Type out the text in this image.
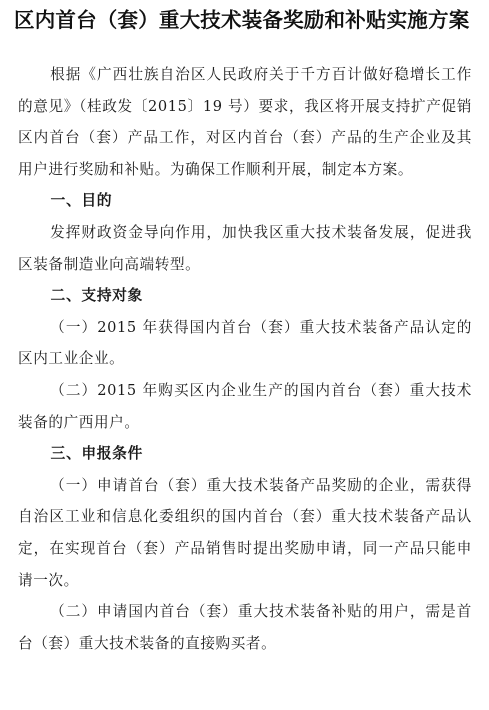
区内首台（套）重大技术装备奖励和补贴实施方案

根据《广西壮族自治区人民政府关于千方百计做好稳增长工作的意见》（桂政发〔2015〕19 号）要求，我区将开展支持扩产促销区内首台（套）产品工作，对区内首台（套）产品的生产企业及其用户进行奖励和补贴。为确保工作顺利开展，制定本方案。

一、目的

发挥财政资金导向作用，加快我区重大技术装备发展，促进我区装备制造业向高端转型。

二、支持对象

（一）2015 年获得国内首台（套）重大技术装备产品认定的区内工业企业。

（二）2015 年购买区内企业生产的国内首台（套）重大技术装备的广西用户。

三、申报条件

（一）申请首台（套）重大技术装备产品奖励的企业，需获得自治区工业和信息化委组织的国内首台（套）重大技术装备产品认定，在实现首台（套）产品销售时提出奖励申请，同一产品只能申请一次。

（二）申请国内首台（套）重大技术装备补贴的用户，需是首台（套）重大技术装备的直接购买者。
